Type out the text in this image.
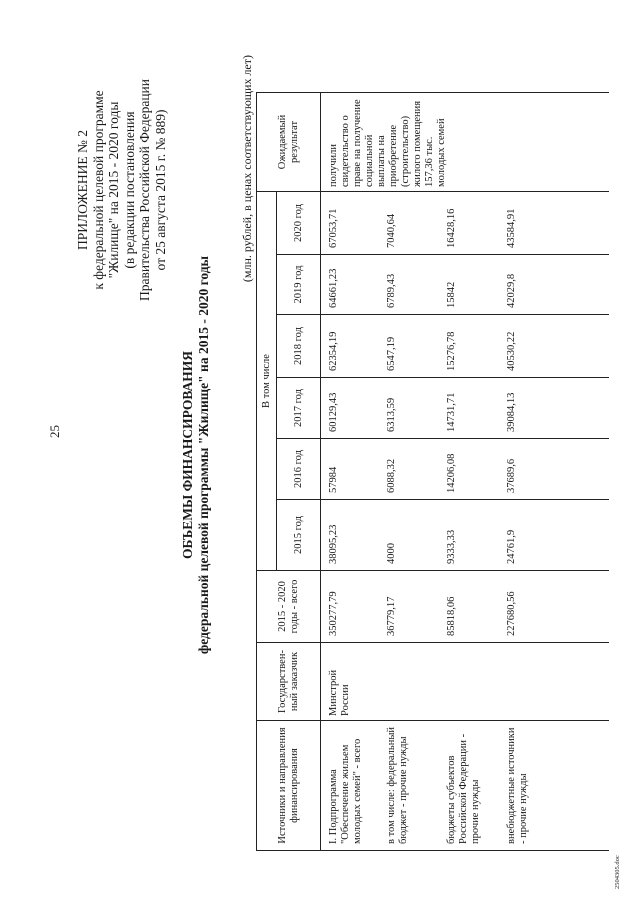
25
2504305.doc
ПРИЛОЖЕНИЕ № 2 к федеральной целевой программе "Жилище" на 2015 - 2020 годы (в редакции постановления Правительства Российской Федерации от 25 августа 2015 г. № 889)
ОБЪЕМЫ ФИНАНСИРОВАНИЯ федеральной целевой программы "Жилище" на 2015 - 2020 годы
(млн. рублей, в ценах соответствующих лет)
Источники и направления финансирования	Государствен-ный заказчик	2015 - 2020 годы - всего	В том числе						Ожидаемый результат
			2015 год	2016 год	2017 год	2018 год	2019 год	2020 год	
I. Подпрограмма "Обеспечение жильем молодых семей" - всего	Минстрой России	350277,79	38095,23	57984	60129,43	62354,19	64661,23	67053,71	получили свидетельство о праве на получение социальной выплаты на приобретение (строительство) жилого помещения 157,36 тыс. молодых семей
в том числе: федеральный бюджет - прочие нужды		36779,17	4000	6088,32	6313,59	6547,19	6789,43	7040,64	
бюджеты субъектов Российской Федерации - прочие нужды		85818,06	9333,33	14206,08	14731,71	15276,78	15842	16428,16	
внебюджетные источники - прочие нужды		227680,56	24761,9	37689,6	39084,13	40530,22	42029,8	43584,91	
